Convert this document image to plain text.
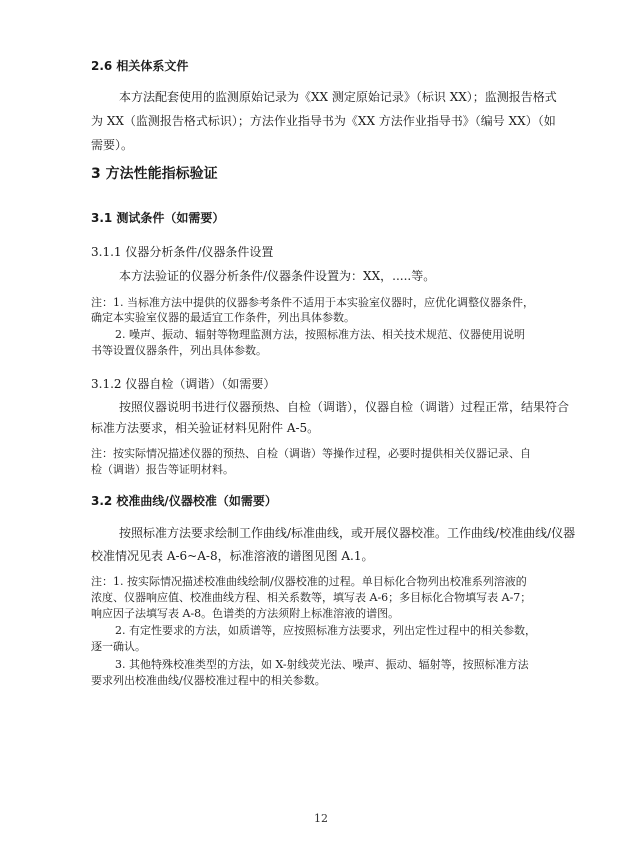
2.6 相关体系文件
本方法配套使用的监测原始记录为《XX 测定原始记录》（标识 XX）；监测报告格式
为 XX（监测报告格式标识）；方法作业指导书为《XX 方法作业指导书》（编号 XX）（如
需要）。
3 方法性能指标验证
3.1 测试条件（如需要）
3.1.1 仪器分析条件/仪器条件设置
本方法验证的仪器分析条件/仪器条件设置为：XX，.....等。
注：1. 当标准方法中提供的仪器参考条件不适用于本实验室仪器时，应优化调整仪器条件，
确定本实验室仪器的最适宜工作条件，列出具体参数。
2. 噪声、振动、辐射等物理监测方法，按照标准方法、相关技术规范、仪器使用说明
书等设置仪器条件，列出具体参数。
3.1.2 仪器自检（调谐）（如需要）
按照仪器说明书进行仪器预热、自检（调谐），仪器自检（调谐）过程正常，结果符合
标准方法要求，相关验证材料见附件 A-5。
注：按实际情况描述仪器的预热、自检（调谐）等操作过程，必要时提供相关仪器记录、自
检（调谐）报告等证明材料。
3.2 校准曲线/仪器校准（如需要）
按照标准方法要求绘制工作曲线/标准曲线，或开展仪器校准。工作曲线/校准曲线/仪器
校准情况见表 A-6~A-8，标准溶液的谱图见图 A.1。
注：1. 按实际情况描述校准曲线绘制/仪器校准的过程。单目标化合物列出校准系列溶液的
浓度、仪器响应值、校准曲线方程、相关系数等，填写表 A-6；多目标化合物填写表 A-7；
响应因子法填写表 A-8。色谱类的方法须附上标准溶液的谱图。
2. 有定性要求的方法，如质谱等，应按照标准方法要求，列出定性过程中的相关参数，
逐一确认。
3. 其他特殊校准类型的方法，如 X-射线荧光法、噪声、振动、辐射等，按照标准方法
要求列出校准曲线/仪器校准过程中的相关参数。
12
